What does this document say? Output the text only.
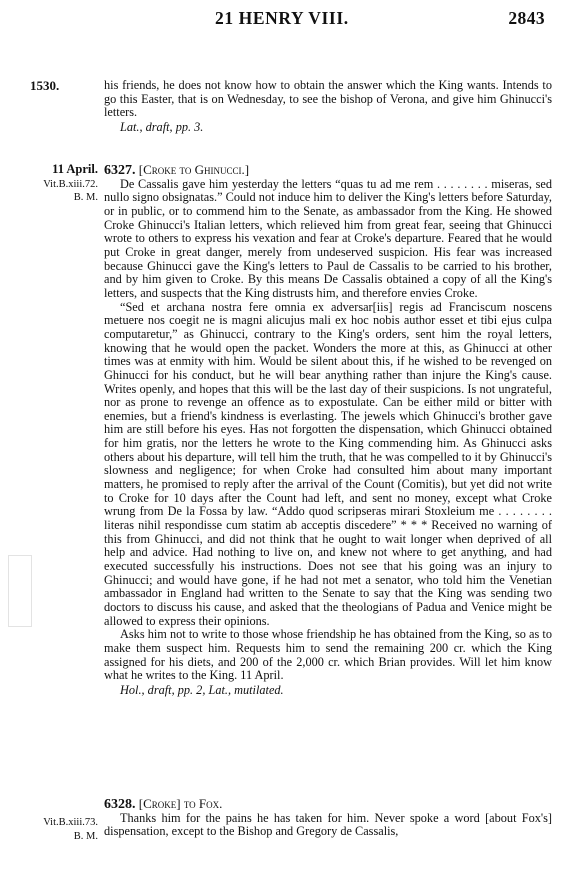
21 HENRY VIII.	2843
1530.	his friends, he does not know how to obtain the answer which the King wants. Intends to go this Easter, that is on Wednesday, to see the bishop of Verona, and give him Ghinucci's letters.

Lat., draft, pp. 3.

11 April.
Vit.B.xiii.72.
B. M.

6327. [Croke to Ghinucci.]

De Cassalis gave him yesterday the letters “quas tu ad me rem . . . . . . . . miseras, sed nullo signo obsignatas.” Could not induce him to deliver the King's letters before Saturday, or in public, or to commend him to the Senate, as ambassador from the King. He showed Croke Ghinucci's Italian letters, which relieved him from great fear, seeing that Ghinucci wrote to others to express his vexation and fear at Croke's departure. Feared that he would put Croke in great danger, merely from undeserved suspicion. His fear was increased because Ghinucci gave the King's letters to Paul de Cassalis to be carried to his brother, and by him given to Croke. By this means De Cassalis obtained a copy of all the King's letters, and suspects that the King distrusts him, and therefore envies Croke.

“Sed et archana nostra fere omnia ex adversar[iis] regis ad Franciscum noscens metuere nos coegit ne is magni alicujus mali ex hoc nobis author esset et tibi ejus culpa computaretur,” as Ghinucci, contrary to the King's orders, sent him the royal letters, knowing that he would open the packet. Wonders the more at this, as Ghinucci at other times was at enmity with him. Would be silent about this, if he wished to be revenged on Ghinucci for his conduct, but he will bear anything rather than injure the King's cause. Writes openly, and hopes that this will be the last day of their suspicions. Is not ungrateful, nor as prone to revenge an offence as to expostulate. Can be either mild or bitter with enemies, but a friend's kindness is everlasting. The jewels which Ghinucci's brother gave him are still before his eyes. Has not forgotten the dispensation, which Ghinucci obtained for him gratis, nor the letters he wrote to the King commending him. As Ghinucci asks others about his departure, will tell him the truth, that he was compelled to it by Ghinucci's slowness and negligence; for when Croke had consulted him about many important matters, he promised to reply after the arrival of the Count (Comitis), but yet did not write to Croke for 10 days after the Count had left, and sent no money, except what Croke wrung from De la Fossa by law. “Addo quod scripseras mirari Stoxleium me . . . . . . . . literas nihil respondisse cum statim ab acceptis discedere” * * * Received no warning of this from Ghinucci, and did not think that he ought to wait longer when deprived of all help and advice. Had nothing to live on, and knew not where to get anything, and had executed successfully his instructions. Does not see that his going was an injury to Ghinucci; and would have gone, if he had not met a senator, who told him the Venetian ambassador in England had written to the Senate to say that the King was sending two doctors to discuss his cause, and asked that the theologians of Padua and Venice might be allowed to express their opinions.

Asks him not to write to those whose friendship he has obtained from the King, so as to make them suspect him. Requests him to send the remaining 200 cr. which the King assigned for his diets, and 200 of the 2,000 cr. which Brian provides. Will let him know what he writes to the King. 11 April.

Hol., draft, pp. 2, Lat., mutilated.

Vit.B.xiii.73.
B. M.

6328. [Croke] to Fox.

Thanks him for the pains he has taken for him. Never spoke a word [about Fox's] dispensation, except to the Bishop and Gregory de Cassalis,
